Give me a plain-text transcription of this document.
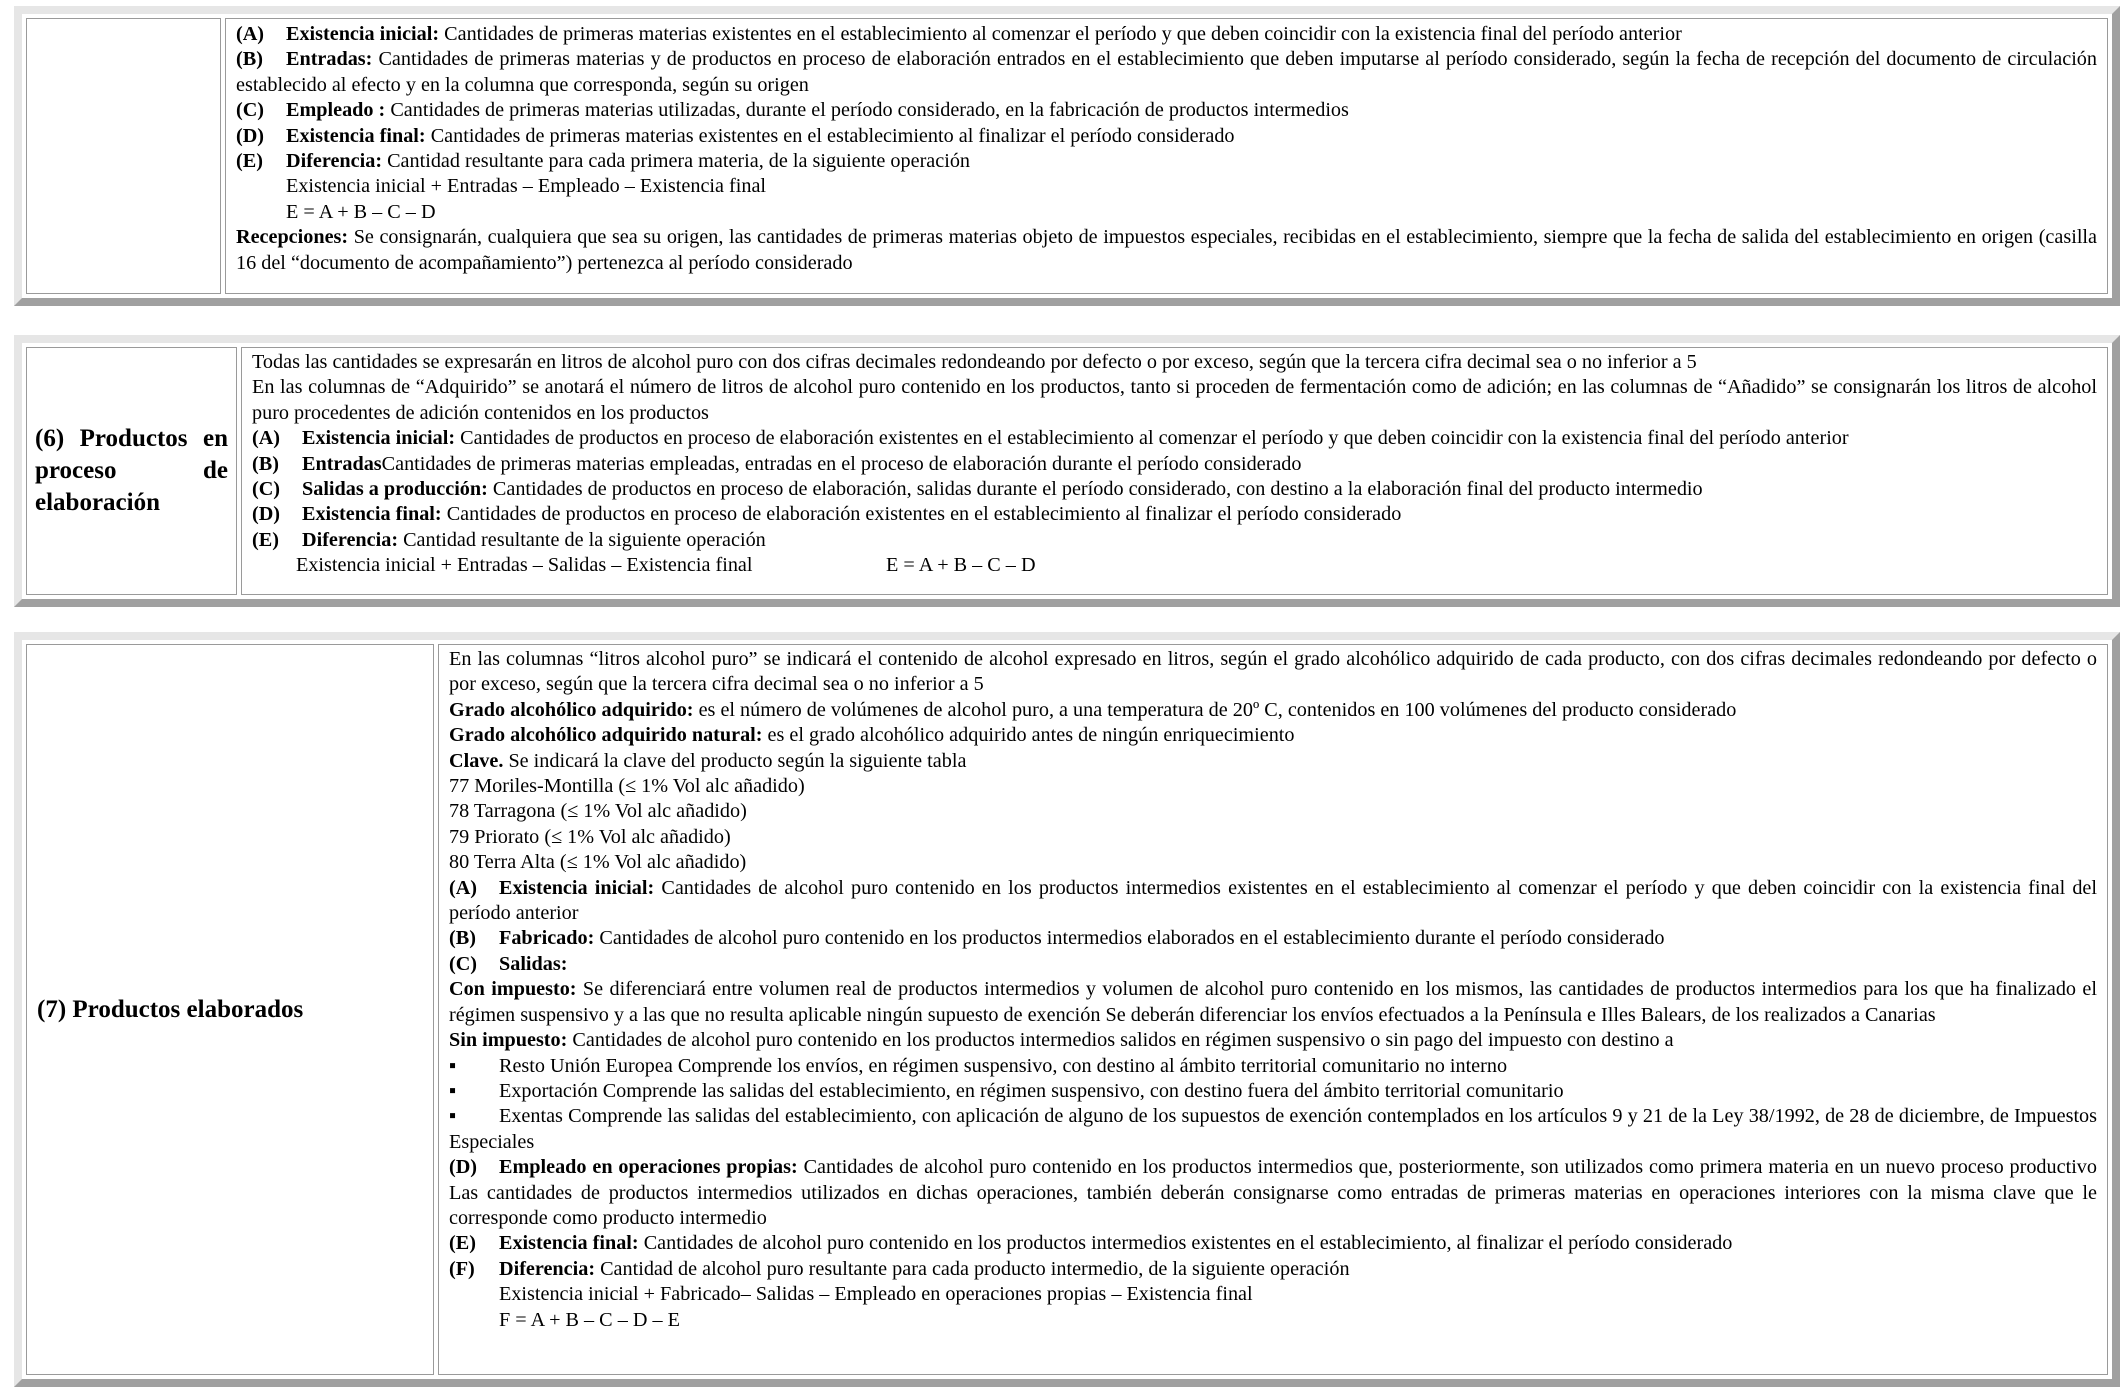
(A) Existencia inicial: Cantidades de primeras materias existentes en el establecimiento al comenzar el período y que deben coincidir con la existencia final del período anterior
(B) Entradas: Cantidades de primeras materias y de productos en proceso de elaboración entrados en el establecimiento que deben imputarse al período considerado, según la fecha de recepción del documento de circulación establecido al efecto y en la columna que corresponda, según su origen
(C) Empleado : Cantidades de primeras materias utilizadas, durante el período considerado, en la fabricación de productos intermedios
(D) Existencia final: Cantidades de primeras materias existentes en el establecimiento al finalizar el período considerado
(E) Diferencia: Cantidad resultante para cada primera materia, de la siguiente operación
Existencia inicial + Entradas – Empleado – Existencia final
E = A + B – C – D
Recepciones: Se consignarán, cualquiera que sea su origen, las cantidades de primeras materias objeto de impuestos especiales, recibidas en el establecimiento, siempre que la fecha de salida del establecimiento en origen (casilla 16 del “documento de acompañamiento”) pertenezca al período considerado
(6) Productos en proceso de elaboración	
Todas las cantidades se expresarán en litros de alcohol puro con dos cifras decimales redondeando por defecto o por exceso, según que la tercera cifra decimal sea o no inferior a 5
En las columnas de “Adquirido” se anotará el número de litros de alcohol puro contenido en los productos, tanto si proceden de fermentación como de adición; en las columnas de “Añadido” se consignarán los litros de alcohol puro procedentes de adición contenidos en los productos
(A) Existencia inicial: Cantidades de productos en proceso de elaboración existentes en el establecimiento al comenzar el período y que deben coincidir con la existencia final del período anterior
(B) EntradasCantidades de primeras materias empleadas, entradas en el proceso de elaboración durante el período considerado
(C) Salidas a producción: Cantidades de productos en proceso de elaboración, salidas durante el período considerado, con destino a la elaboración final del producto intermedio
(D) Existencia final: Cantidades de productos en proceso de elaboración existentes en el establecimiento al finalizar el período considerado
(E) Diferencia: Cantidad resultante de la siguiente operación
Existencia inicial + Entradas – Salidas – Existencia final	E = A + B – C – D
(7) Productos elaborados	
En las columnas “litros alcohol puro” se indicará el contenido de alcohol expresado en litros, según el grado alcohólico adquirido de cada producto, con dos cifras decimales redondeando por defecto o por exceso, según que la tercera cifra decimal sea o no inferior a 5
Grado alcohólico adquirido: es el número de volúmenes de alcohol puro, a una temperatura de 20º C, contenidos en 100 volúmenes del producto considerado
Grado alcohólico adquirido natural: es el grado alcohólico adquirido antes de ningún enriquecimiento
Clave. Se indicará la clave del producto según la siguiente tabla
77 Moriles-Montilla (≤ 1% Vol alc añadido)
78 Tarragona (≤ 1% Vol alc añadido)
79 Priorato (≤ 1% Vol alc añadido)
80 Terra Alta (≤ 1% Vol alc añadido)
(A) Existencia inicial: Cantidades de alcohol puro contenido en los productos intermedios existentes en el establecimiento al comenzar el período y que deben coincidir con la existencia final del período anterior
(B) Fabricado: Cantidades de alcohol puro contenido en los productos intermedios elaborados en el establecimiento durante el período considerado
(C) Salidas:
Con impuesto: Se diferenciará entre volumen real de productos intermedios y volumen de alcohol puro contenido en los mismos, las cantidades de productos intermedios para los que ha finalizado el régimen suspensivo y a las que no resulta aplicable ningún supuesto de exención Se deberán diferenciar los envíos efectuados a la Península e Illes Balears, de los realizados a Canarias
Sin impuesto: Cantidades de alcohol puro contenido en los productos intermedios salidos en régimen suspensivo o sin pago del impuesto con destino a
▪ Resto Unión Europea Comprende los envíos, en régimen suspensivo, con destino al ámbito territorial comunitario no interno
▪ Exportación Comprende las salidas del establecimiento, en régimen suspensivo, con destino fuera del ámbito territorial comunitario
▪ Exentas Comprende las salidas del establecimiento, con aplicación de alguno de los supuestos de exención contemplados en los artículos 9 y 21 de la Ley 38/1992, de 28 de diciembre, de Impuestos Especiales
(D) Empleado en operaciones propias: Cantidades de alcohol puro contenido en los productos intermedios que, posteriormente, son utilizados como primera materia en un nuevo proceso productivo Las cantidades de productos intermedios utilizados en dichas operaciones, también deberán consignarse como entradas de primeras materias en operaciones interiores con la misma clave que le corresponde como producto intermedio
(E) Existencia final: Cantidades de alcohol puro contenido en los productos intermedios existentes en el establecimiento, al finalizar el período considerado
(F) Diferencia: Cantidad de alcohol puro resultante para cada producto intermedio, de la siguiente operación
Existencia inicial + Fabricado– Salidas – Empleado en operaciones propias – Existencia final
F = A + B – C – D – E
